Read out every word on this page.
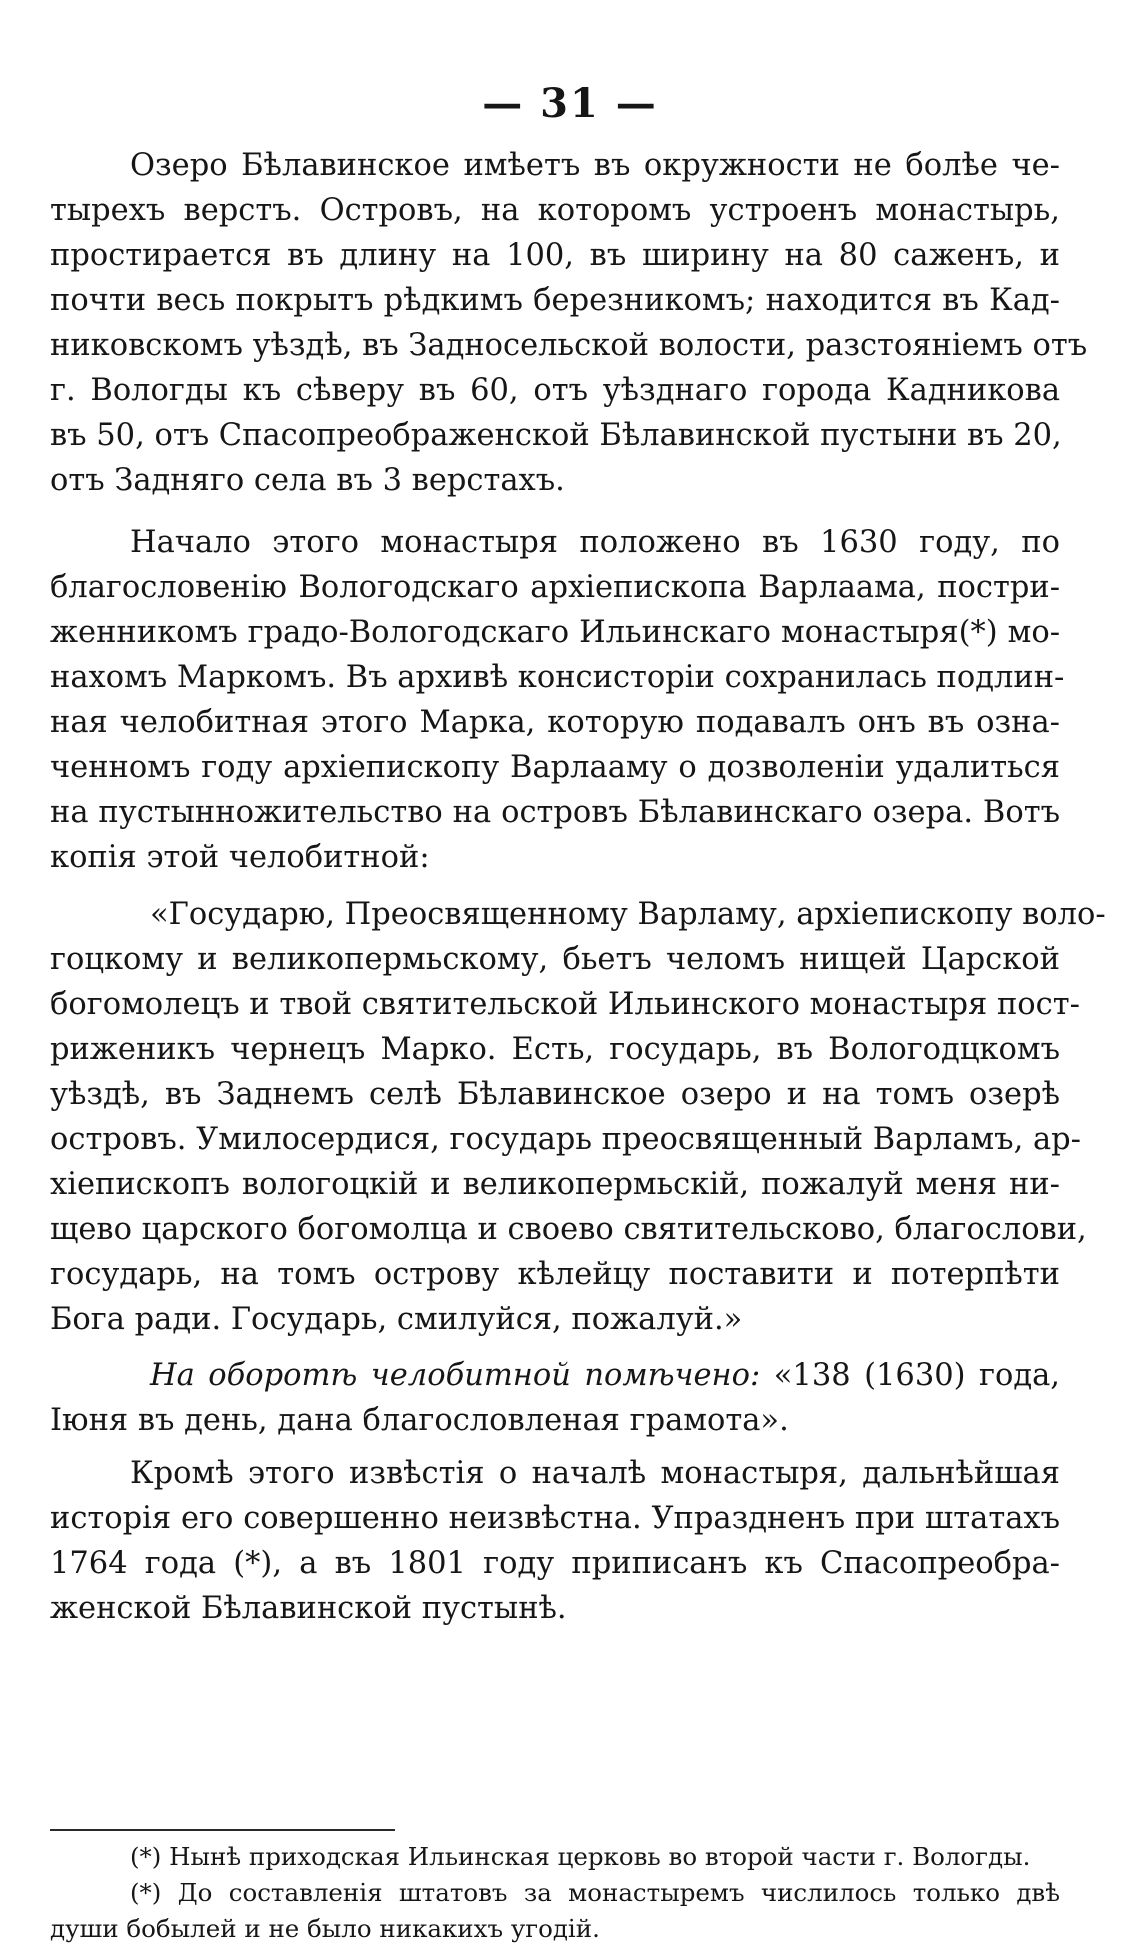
— 31 —
Озеро Бѣлавинское имѣетъ въ окружности не болѣе че-
тырехъ верстъ. Островъ, на которомъ устроенъ монастырь,
простирается въ длину на 100, въ ширину на 80 саженъ, и
почти весь покрытъ рѣдкимъ березникомъ; находится въ Кад-
никовскомъ уѣздѣ, въ Задносельской волости, разстояніемъ отъ
г. Вологды къ сѣверу въ 60, отъ уѣзднаго города Кадникова
въ 50, отъ Спасопреображенской Бѣлавинской пустыни въ 20,
отъ Задняго села въ 3 верстахъ.
Начало этого монастыря положено въ 1630 году, по
благословенію Вологодскаго архіепископа Варлаама, постри-
женникомъ градо-Вологодскаго Ильинскаго монастыря(*) мо-
нахомъ Маркомъ. Въ архивѣ консисторіи сохранилась подлин-
ная челобитная этого Марка, которую подавалъ онъ въ озна-
ченномъ году архіепископу Варлааму о дозволеніи удалиться
на пустынножительство на островъ Бѣлавинскаго озера. Вотъ
копія этой челобитной:
«Государю, Преосвященному Варламу, архіепископу воло-
гоцкому и великопермьскому, бьетъ челомъ нищей Царской
богомолецъ и твой святительской Ильинского монастыря пост-
риженикъ чернецъ Марко. Есть, государь, въ Вологодцкомъ
уѣздѣ, въ Заднемъ селѣ Бѣлавинское озеро и на томъ озерѣ
островъ. Умилосердися, государь преосвященный Варламъ, ар-
хіепископъ вологоцкій и великопермьскій, пожалуй меня ни-
щево царского богомолца и своево святительсково, благослови,
государь, на томъ острову кѣлейцу поставити и потерпѣти
Бога ради. Государь, смилуйся, пожалуй.»
На оборотѣ челобитной помѣчено: «138 (1630) года,
Іюня въ день, дана благословленая грамота».
Кромѣ этого извѣстія о началѣ монастыря, дальнѣйшая
исторія его совершенно неизвѣстна. Упраздненъ при штатахъ
1764 года (*), а въ 1801 году приписанъ къ Спасопреобра-
женской Бѣлавинской пустынѣ.
(*) Нынѣ приходская Ильинская церковь во второй части г. Вологды.
(*) До составленія штатовъ за монастыремъ числилось только двѣ
души бобылей и не было никакихъ угодій.
